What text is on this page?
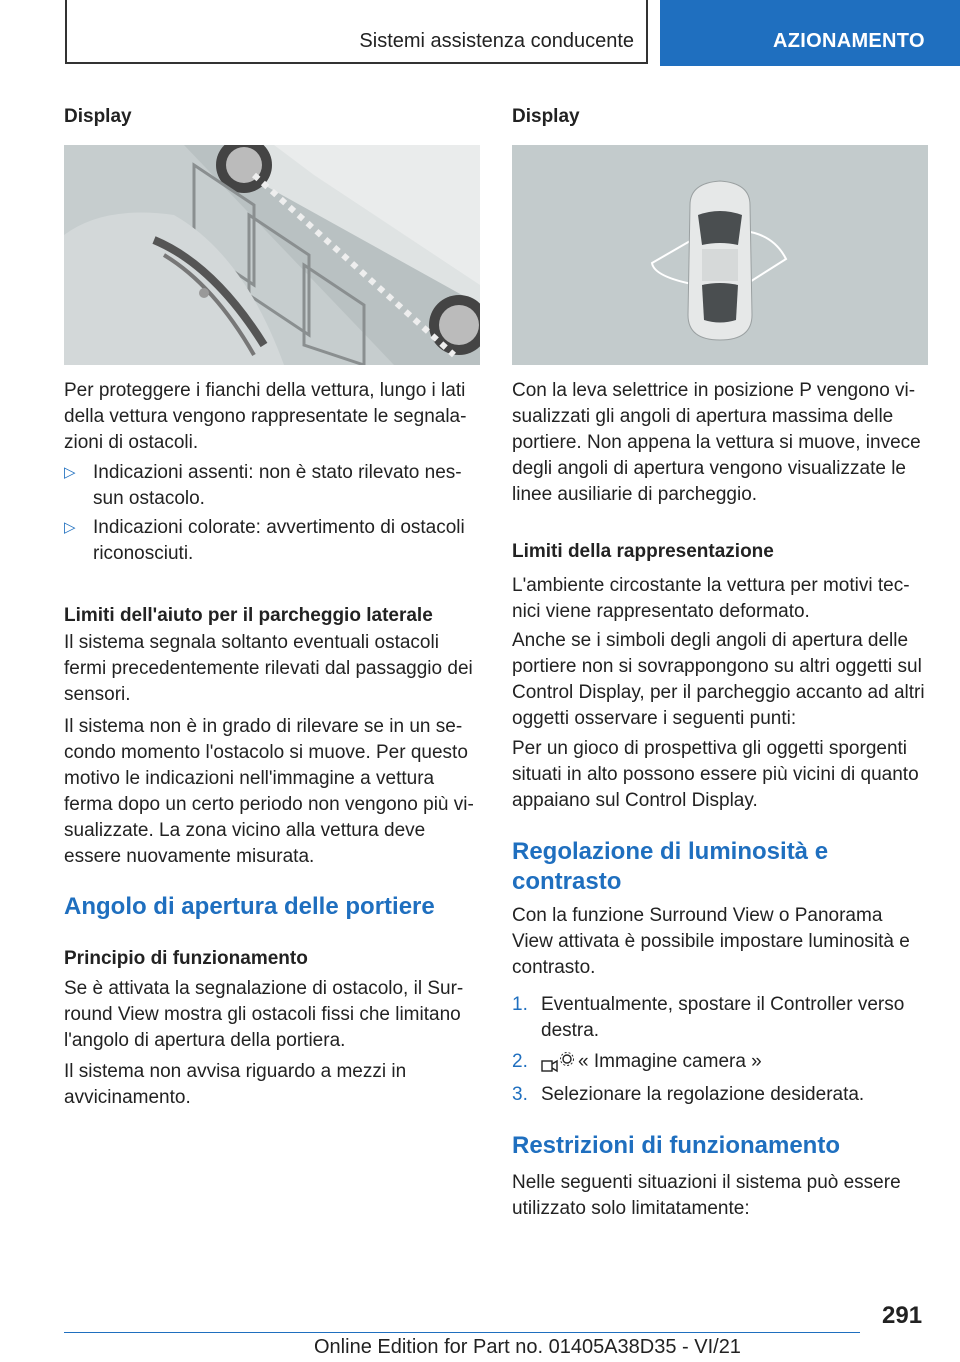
Sistemi assistenza conducente	AZIONAMENTO
Display

Per proteggere i fianchi della vettura, lungo i lati della vettura vengono rappresentate le segnalazioni di ostacoli.

▷ Indicazioni assenti: non è stato rilevato nessun ostacolo.

▷ Indicazioni colorate: avvertimento di ostacoli riconosciuti.

Limiti dell'aiuto per il parcheggio laterale

Il sistema segnala soltanto eventuali ostacoli fermi precedentemente rilevati dal passaggio dei sensori.

Il sistema non è in grado di rilevare se in un secondo momento l'ostacolo si muove. Per questo motivo le indicazioni nell'immagine a vettura ferma dopo un certo periodo non vengono più visualizzate. La zona vicino alla vettura deve essere nuovamente misurata.

Angolo di apertura delle portiere
Principio di funzionamento

Se è attivata la segnalazione di ostacolo, il Surround View mostra gli ostacoli fissi che limitano l'angolo di apertura della portiera.

Il sistema non avvisa riguardo a mezzi in avvicinamento.

Display

Con la leva selettrice in posizione P vengono visualizzati gli angoli di apertura massima delle portiere. Non appena la vettura si muove, invece degli angoli di apertura vengono visualizzate le linee ausiliarie di parcheggio.

Limiti della rappresentazione

L'ambiente circostante la vettura per motivi tecnici viene rappresentato deformato.

Anche se i simboli degli angoli di apertura delle portiere non si sovrappongono su altri oggetti sul Control Display, per il parcheggio accanto ad altri oggetti osservare i seguenti punti:

Per un gioco di prospettiva gli oggetti sporgenti situati in alto possono essere più vicini di quanto appaiano sul Control Display.

Regolazione di luminosità e contrasto

Con la funzione Surround View o Panorama View attivata è possibile impostare luminosità e contrasto.

1. Eventualmente, spostare il Controller verso destra.

2.	« Immagine camera »

3. Selezionare la regolazione desiderata.

Restrizioni di funzionamento

Nelle seguenti situazioni il sistema può essere utilizzato solo limitatamente:

291
Online Edition for Part no. 01405A38D35 - VI/21
